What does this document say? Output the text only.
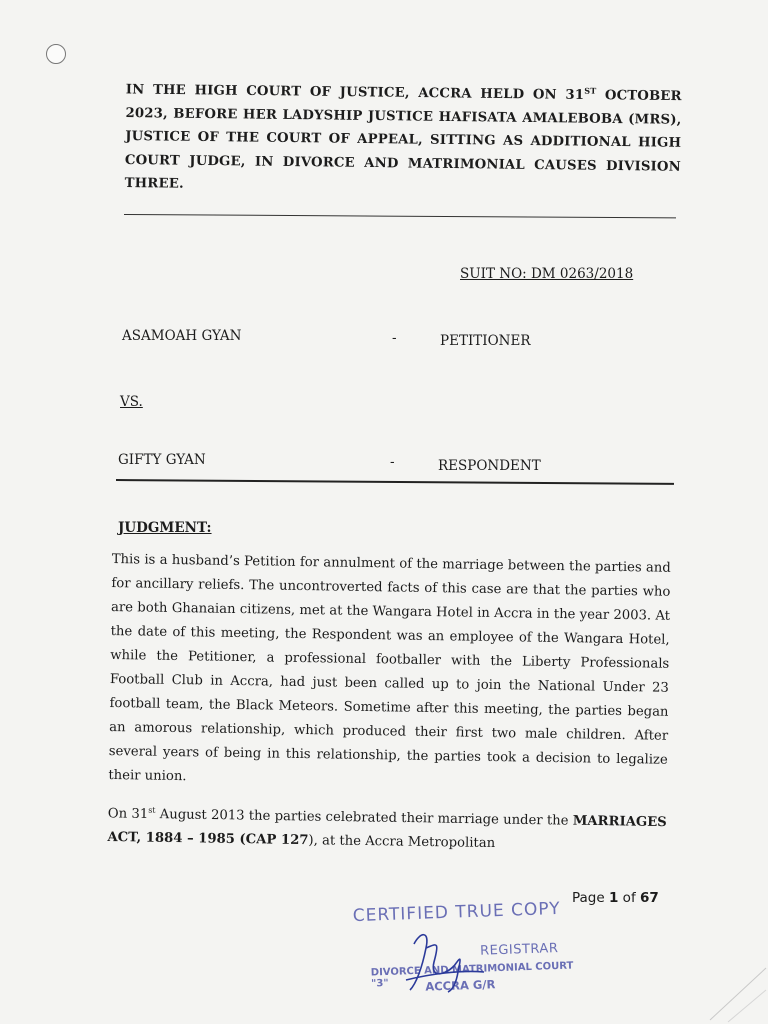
IN THE HIGH COURT OF JUSTICE, ACCRA HELD ON 31ST OCTOBER 2023, BEFORE HER LADYSHIP JUSTICE HAFISATA AMALEBOBA (MRS), JUSTICE OF THE COURT OF APPEAL, SITTING AS ADDITIONAL HIGH COURT JUDGE, IN DIVORCE AND MATRIMONIAL CAUSES DIVISION THREE.
SUIT NO: DM 0263/2018
ASAMOAH GYAN	-	PETITIONER
VS.
GIFTY GYAN	-	RESPONDENT
JUDGMENT:

This is a husband’s Petition for annulment of the marriage between the parties and for ancillary reliefs. The uncontroverted facts of this case are that the parties who are both Ghanaian citizens, met at the Wangara Hotel in Accra in the year 2003. At the date of this meeting, the Respondent was an employee of the Wangara Hotel, while the Petitioner, a professional footballer with the Liberty Professionals Football Club in Accra, had just been called up to join the National Under 23 football team, the Black Meteors. Sometime after this meeting, the parties began an amorous relationship, which produced their first two male children. After several years of being in this relationship, the parties took a decision to legalize their union.

On 31st August 2013 the parties celebrated their marriage under the MARRIAGES ACT, 1884 – 1985 (CAP 127), at the Accra Metropolitan

Page 1 of 67
CERTIFIED TRUE COPY
REGISTRAR
DIVORCE AND MATRIMONIAL COURT "3"	ACCRA G/R
